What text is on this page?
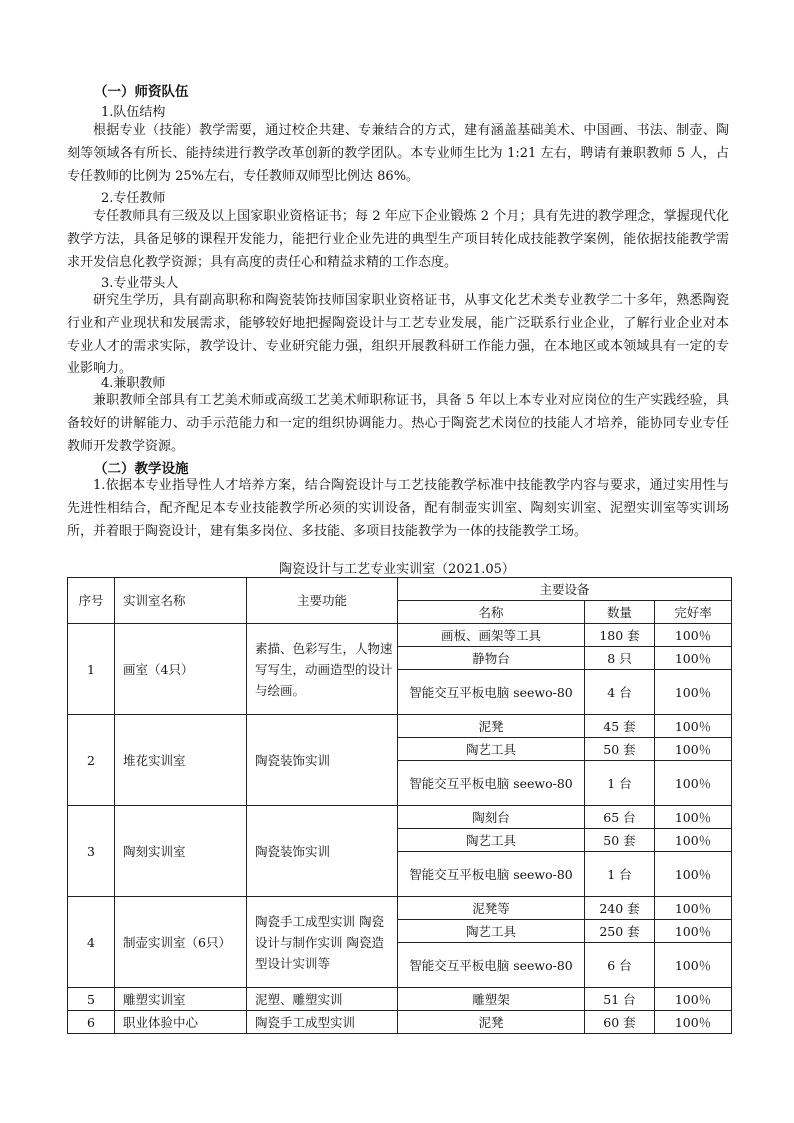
（一）师资队伍
1.队伍结构

根据专业（技能）教学需要，通过校企共建、专兼结合的方式，建有涵盖基础美术、中国画、书法、制壶、陶刻等领域各有所长、能持续进行教学改革创新的教学团队。本专业师生比为 1:21 左右，聘请有兼职教师 5 人，占专任教师的比例为 25%左右，专任教师双师型比例达 86%。

2.专任教师

专任教师具有三级及以上国家职业资格证书；每 2 年应下企业锻炼 2 个月；具有先进的教学理念，掌握现代化教学方法，具备足够的课程开发能力，能把行业企业先进的典型生产项目转化成技能教学案例，能依据技能教学需求开发信息化教学资源；具有高度的责任心和精益求精的工作态度。

3.专业带头人

研究生学历，具有副高职称和陶瓷装饰技师国家职业资格证书，从事文化艺术类专业教学二十多年，熟悉陶瓷行业和产业现状和发展需求，能够较好地把握陶瓷设计与工艺专业发展，能广泛联系行业企业，了解行业企业对本专业人才的需求实际，教学设计、专业研究能力强，组织开展教科研工作能力强，在本地区或本领域具有一定的专业影响力。

4.兼职教师

兼职教师全部具有工艺美术师或高级工艺美术师职称证书，具备 5 年以上本专业对应岗位的生产实践经验，具备较好的讲解能力、动手示范能力和一定的组织协调能力。热心于陶瓷艺术岗位的技能人才培养，能协同专业专任教师开发教学资源。

（二）教学设施

1.依据本专业指导性人才培养方案，结合陶瓷设计与工艺技能教学标准中技能教学内容与要求，通过实用性与先进性相结合，配齐配足本专业技能教学所必须的实训设备，配有制壶实训室、陶刻实训室、泥塑实训室等实训场所，并着眼于陶瓷设计，建有集多岗位、多技能、多项目技能教学为一体的技能教学工场。

陶瓷设计与工艺专业实训室（2021.05）
序号	实训室名称	主要功能	主要设备		
			名称	数量	完好率
1	画室（4只）	素描、色彩写生，人物速写写生，动画造型的设计与绘画。	画板、画架等工具	180 套	100％
			静物台	8 只	100％
			智能交互平板电脑 seewo-80	4 台	100％
2	堆花实训室	陶瓷装饰实训	泥凳	45 套	100％
			陶艺工具	50 套	100％
			智能交互平板电脑 seewo-80	1 台	100％
3	陶刻实训室	陶瓷装饰实训	陶刻台	65 台	100％
			陶艺工具	50 套	100％
			智能交互平板电脑 seewo-80	1 台	100％
4	制壶实训室（6只）	陶瓷手工成型实训 陶瓷设计与制作实训 陶瓷造型设计实训等	泥凳等	240 套	100％
			陶艺工具	250 套	100％
			智能交互平板电脑 seewo-80	6 台	100％
5	雕塑实训室	泥塑、雕塑实训	雕塑架	51 台	100％
6	职业体验中心	陶瓷手工成型实训	泥凳	60 套	100％
